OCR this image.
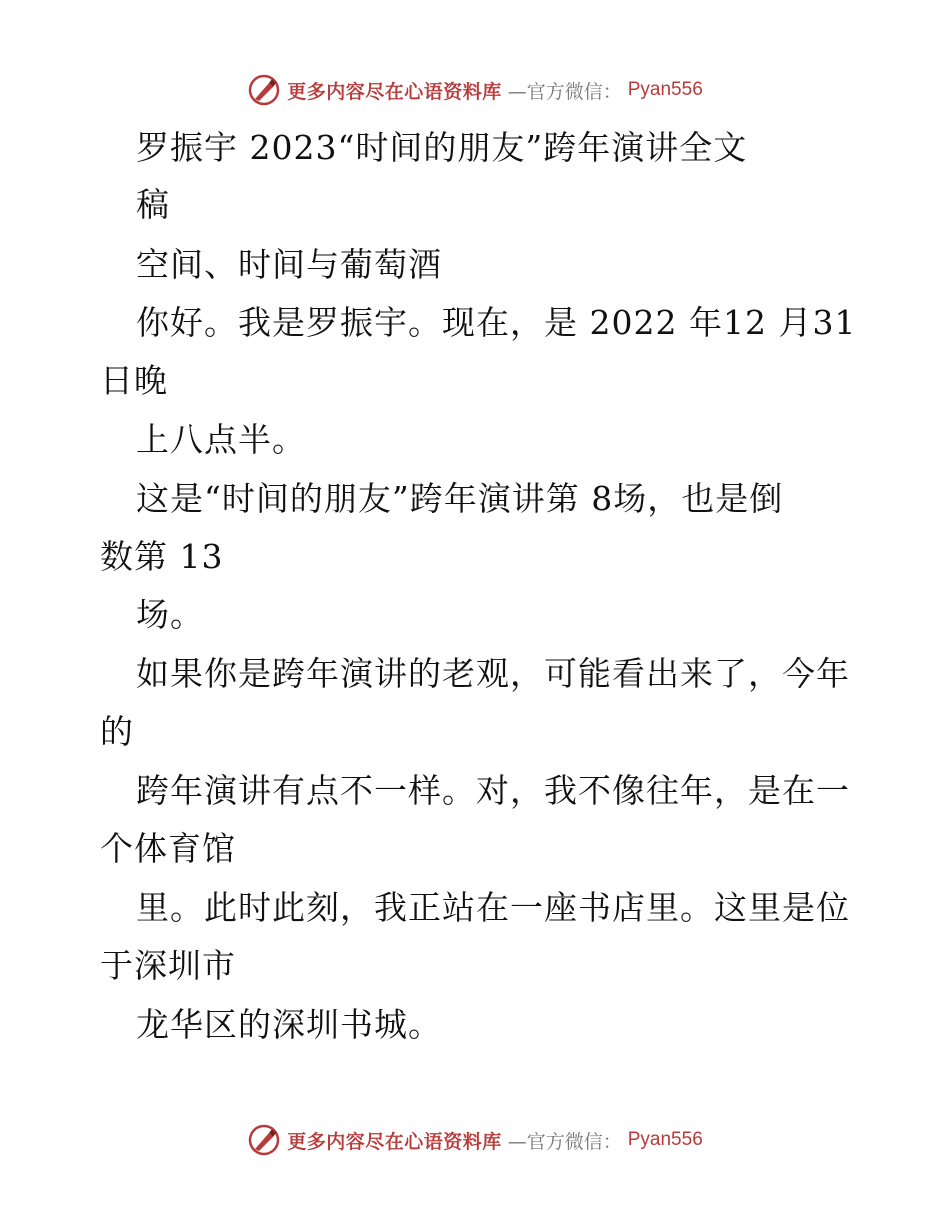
更多内容尽在心语资料库 —官方微信： Pyan556
罗振宇 2023“时间的朋友”跨年演讲全文
稿
空间、时间与葡萄酒
你好。我是罗振宇。现在，是 2022 年12 月31
日晚
上八点半。
这是“时间的朋友”跨年演讲第 8场，也是倒
数第 13
场。
如果你是跨年演讲的老观，可能看出来了，今年
的
跨年演讲有点不一样。对，我不像往年，是在一
个体育馆
里。此时此刻，我正站在一座书店里。这里是位
于深圳市
龙华区的深圳书城。
更多内容尽在心语资料库 —官方微信： Pyan556
